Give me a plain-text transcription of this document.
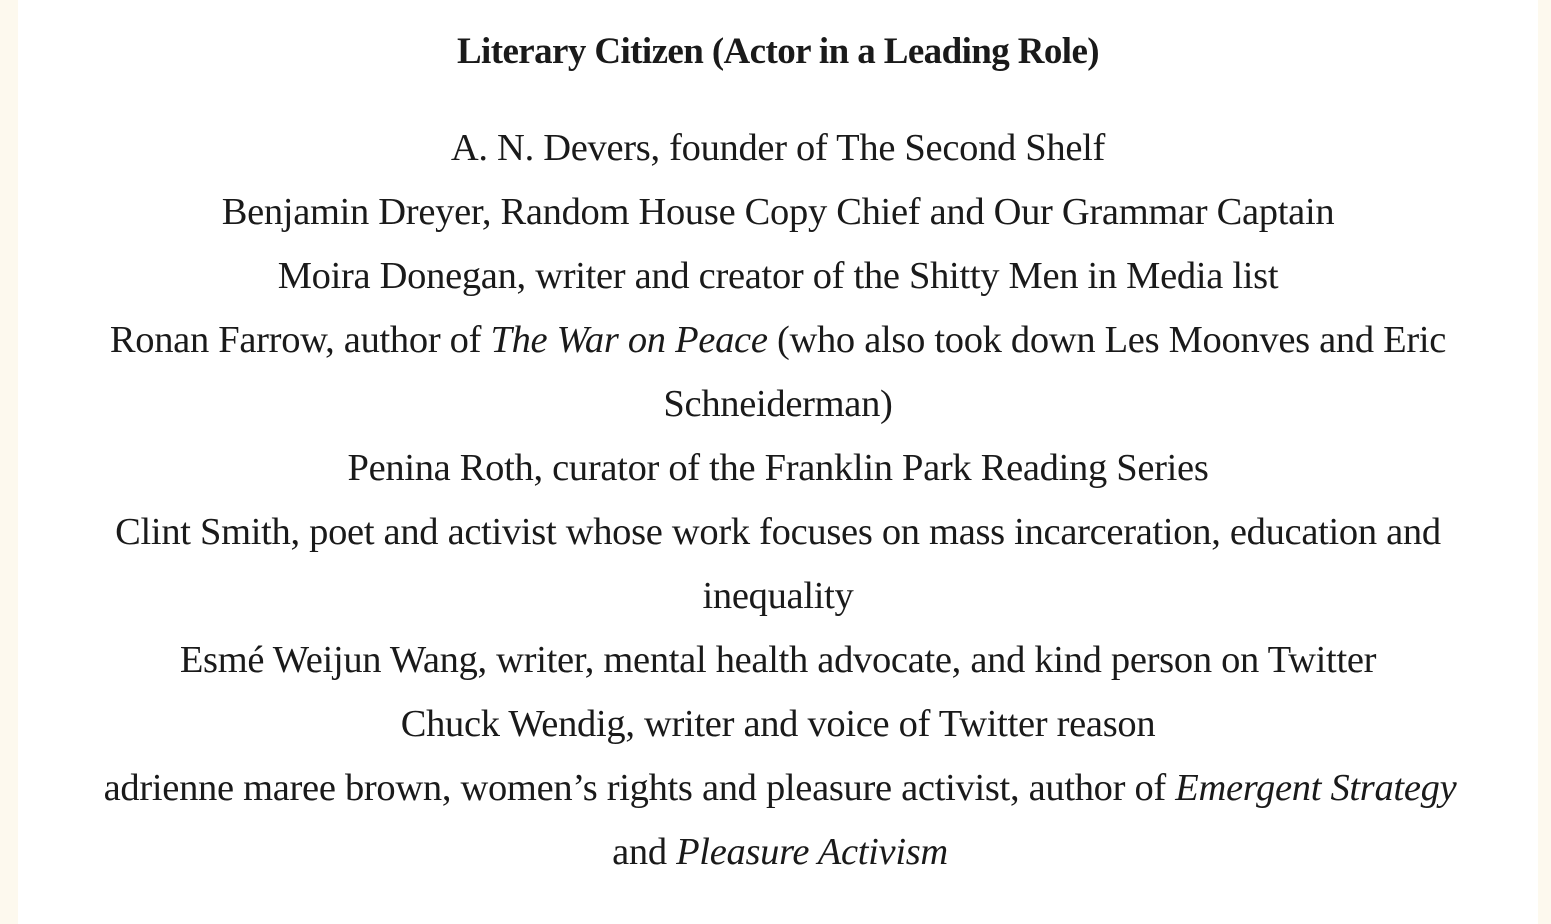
Literary Citizen (Actor in a Leading Role)
A. N. Devers, founder of The Second Shelf
Benjamin Dreyer, Random House Copy Chief and Our Grammar Captain
Moira Donegan, writer and creator of the Shitty Men in Media list
Ronan Farrow, author of The War on Peace (who also took down Les Moonves and Eric Schneiderman)
Penina Roth, curator of the Franklin Park Reading Series
Clint Smith, poet and activist whose work focuses on mass incarceration, education and inequality
Esmé Weijun Wang, writer, mental health advocate, and kind person on Twitter
Chuck Wendig, writer and voice of Twitter reason
adrienne maree brown, women’s rights and pleasure activist, author of Emergent Strategy and Pleasure Activism
